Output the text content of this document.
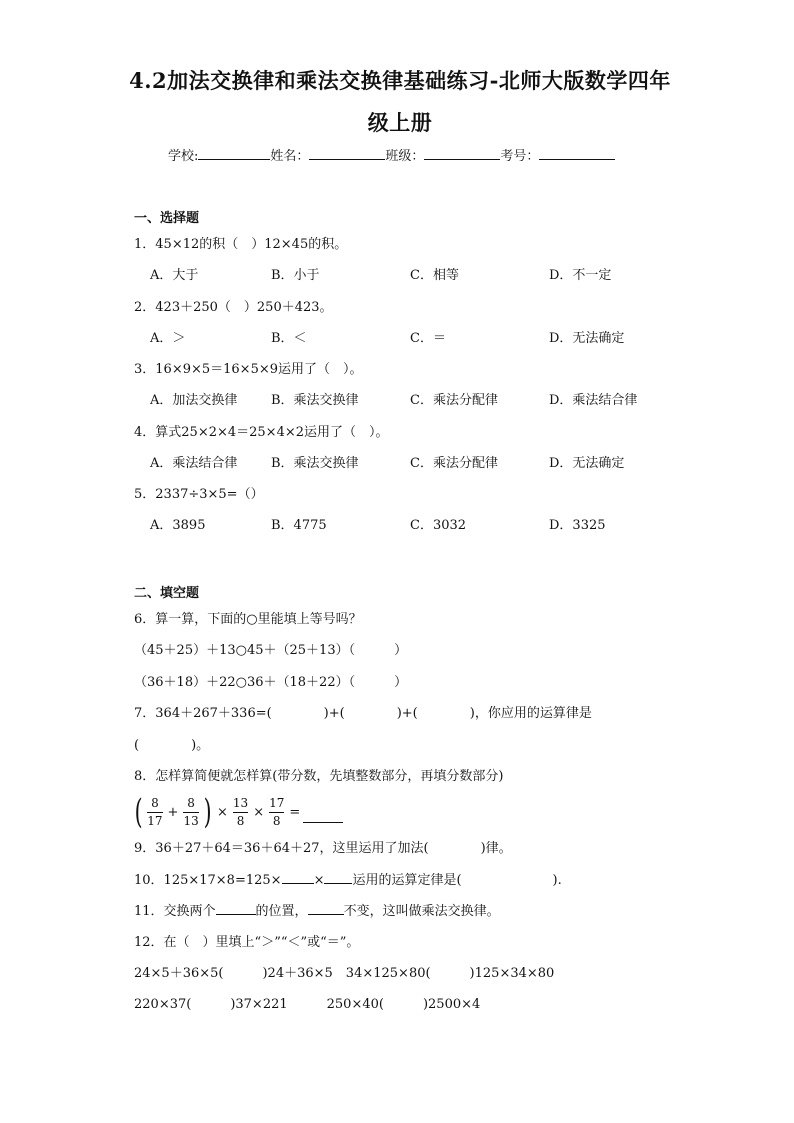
4.2加法交换律和乘法交换律基础练习-北师大版数学四年
级上册
学校:	姓名：	班级：	考号：
一、选择题
1．45×12的积（　）12×45的积。
A．大于	B．小于	C．相等	D．不一定
2．423＋250（　）250＋423。
A．＞	B．＜	C．＝	D．无法确定
3．16×9×5＝16×5×9运用了（　）。
A．加法交换律	B．乘法交换律	C．乘法分配律	D．乘法结合律
4．算式25×2×4＝25×4×2运用了（　）。
A．乘法结合律	B．乘法交换律	C．乘法分配律	D．无法确定
5．2337÷3×5=（）
A．3895	B．4775	C．3032	D．3325
二、填空题
6．算一算，下面的○里能填上等号吗？
（45＋25）＋13○45＋（25＋13）（　　　）
（36＋18）＋22○36＋（18＋22）（　　　）
7．364＋267＋336=(　　　　)+(　　　　)+(　　　　)，你应用的运算律是
(　　　　)。
8．怎样算简便就怎样算(带分数，先填整数部分，再填分数部分)
( $\frac{8}{17} + \frac{8}{13}$ ) × $\frac{13}{8} \times \frac{17}{8}$ =
9．36＋27＋64＝36＋64＋27，这里运用了加法(　　　　)律。
10．125×17×8=125× × 运用的运算定律是(　　　　　　　).
11．交换两个	的位置，	不变，这叫做乘法交换律。
12．在（　）里填上“＞”“＜”或“＝”。
24×5＋36×5(　　　)24＋36×5　34×125×80(　　　)125×34×80
220×37(　　　)37×221　　　250×40(　　　)2500×4
